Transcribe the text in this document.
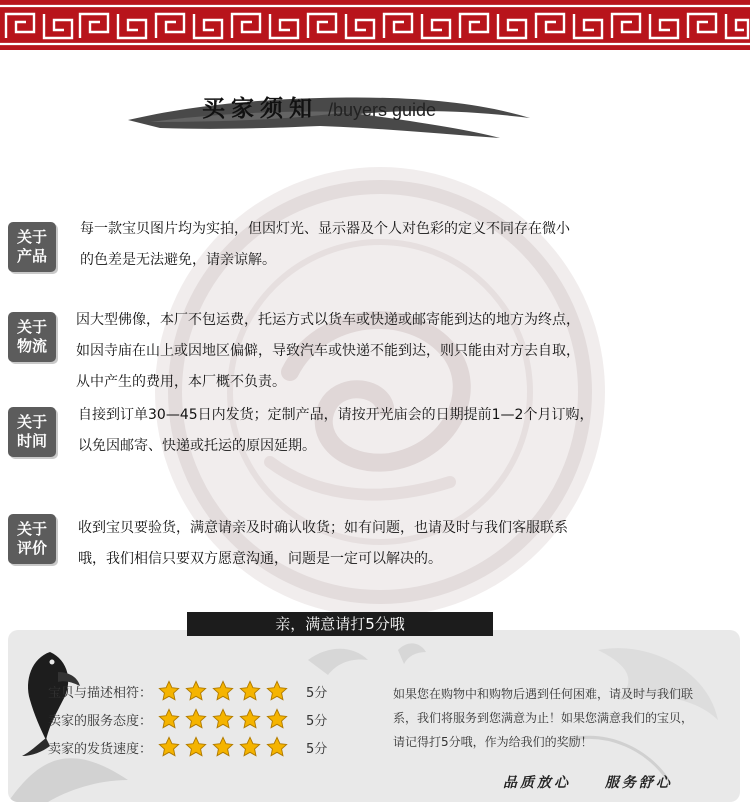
买家须知 /buyers guide
关于
产品
每一款宝贝图片均为实拍，但因灯光、显示器及个人对色彩的定义不同存在微小
的色差是无法避免，请亲谅解。
关于
物流
因大型佛像，本厂不包运费，托运方式以货车或快递或邮寄能到达的地方为终点，
如因寺庙在山上或因地区偏僻，导致汽车或快递不能到达，则只能由对方去自取，
从中产生的费用，本厂概不负责。
关于
时间
自接到订单30—45日内发货；定制产品，请按开光庙会的日期提前1—2个月订购，
以免因邮寄、快递或托运的原因延期。
关于
评价
收到宝贝要验货，满意请亲及时确认收货；如有问题，也请及时与我们客服联系
哦，我们相信只要双方愿意沟通，问题是一定可以解决的。
宝贝与描述相符：	5分
卖家的服务态度：	5分
卖家的发货速度：	5分
如果您在购物中和购物后遇到任何困难，请及时与我们联
系，我们将服务到您满意为止！如果您满意我们的宝贝，
请记得打5分哦，作为给我们的奖励！
品质放心 服务舒心
亲，满意请打5分哦
